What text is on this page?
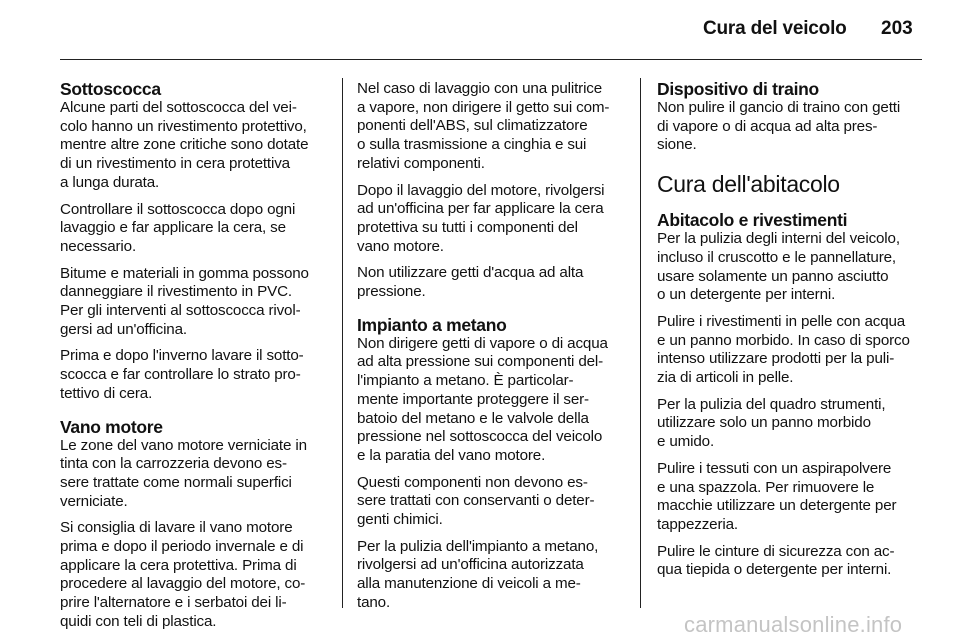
Cura del veicolo 203
Sottoscocca

Alcune parti del sottoscocca del vei-
colo hanno un rivestimento protettivo,
mentre altre zone critiche sono dotate
di un rivestimento in cera protettiva
a lunga durata.

Controllare il sottoscocca dopo ogni
lavaggio e far applicare la cera, se
necessario.

Bitume e materiali in gomma possono
danneggiare il rivestimento in PVC.
Per gli interventi al sottoscocca rivol-
gersi ad un'officina.

Prima e dopo l'inverno lavare il sotto-
scocca e far controllare lo strato pro-
tettivo di cera.

Vano motore

Le zone del vano motore verniciate in
tinta con la carrozzeria devono es-
sere trattate come normali superfici
verniciate.

Si consiglia di lavare il vano motore
prima e dopo il periodo invernale e di
applicare la cera protettiva. Prima di
procedere al lavaggio del motore, co-
prire l'alternatore e i serbatoi dei li-
quidi con teli di plastica.

Nel caso di lavaggio con una pulitrice
a vapore, non dirigere il getto sui com-
ponenti dell'ABS, sul climatizzatore
o sulla trasmissione a cinghia e sui
relativi componenti.

Dopo il lavaggio del motore, rivolgersi
ad un'officina per far applicare la cera
protettiva su tutti i componenti del
vano motore.

Non utilizzare getti d'acqua ad alta
pressione.

Impianto a metano

Non dirigere getti di vapore o di acqua
ad alta pressione sui componenti del-
l'impianto a metano. È particolar-
mente importante proteggere il ser-
batoio del metano e le valvole della
pressione nel sottoscocca del veicolo
e la paratia del vano motore.

Questi componenti non devono es-
sere trattati con conservanti o deter-
genti chimici.

Per la pulizia dell'impianto a metano,
rivolgersi ad un'officina autorizzata
alla manutenzione di veicoli a me-
tano.

Dispositivo di traino

Non pulire il gancio di traino con getti
di vapore o di acqua ad alta pres-
sione.

Cura dell'abitacolo
Abitacolo e rivestimenti

Per la pulizia degli interni del veicolo,
incluso il cruscotto e le pannellature,
usare solamente un panno asciutto
o un detergente per interni.

Pulire i rivestimenti in pelle con acqua
e un panno morbido. In caso di sporco
intenso utilizzare prodotti per la puli-
zia di articoli in pelle.

Per la pulizia del quadro strumenti,
utilizzare solo un panno morbido
e umido.

Pulire i tessuti con un aspirapolvere
e una spazzola. Per rimuovere le
macchie utilizzare un detergente per
tappezzeria.

Pulire le cinture di sicurezza con ac-
qua tiepida o detergente per interni.

carmanualsonline.info
